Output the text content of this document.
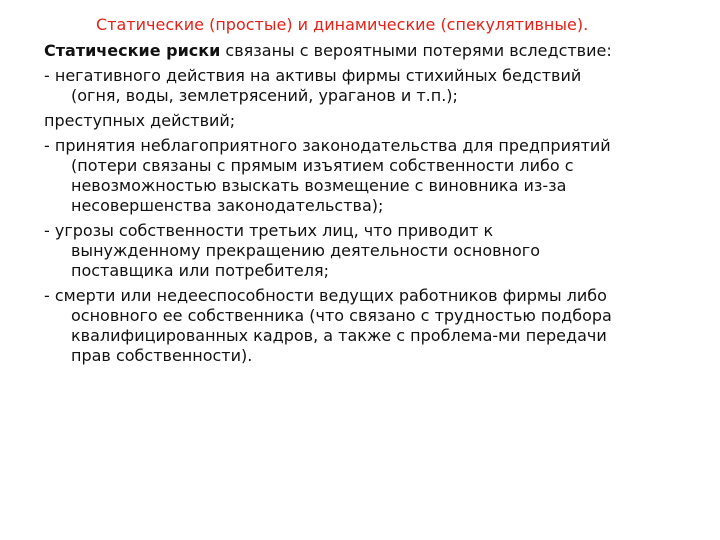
Статические (простые) и динамические (спекулятивные).
Статические риски связаны с вероятными потерями вследствие:
- негативного действия на активы фирмы стихийных бедствий
(огня, воды, землетрясений, ураганов и т.п.);
преступных действий;
- принятия неблагоприятного законодательства для предприятий
(потери связаны с прямым изъятием собственности либо с
невозможностью взыскать возмещение с виновника из-за
несовершенства законодательства);
- угрозы собственности третьих лиц, что приводит к
вынужденному прекращению деятельности основного
поставщика или потребителя;
- смерти или недееспособности ведущих работников фирмы либо
основного ее собственника (что связано с трудностью подбора
квалифицированных кадров, а также с проблема-ми передачи
прав собственности).
